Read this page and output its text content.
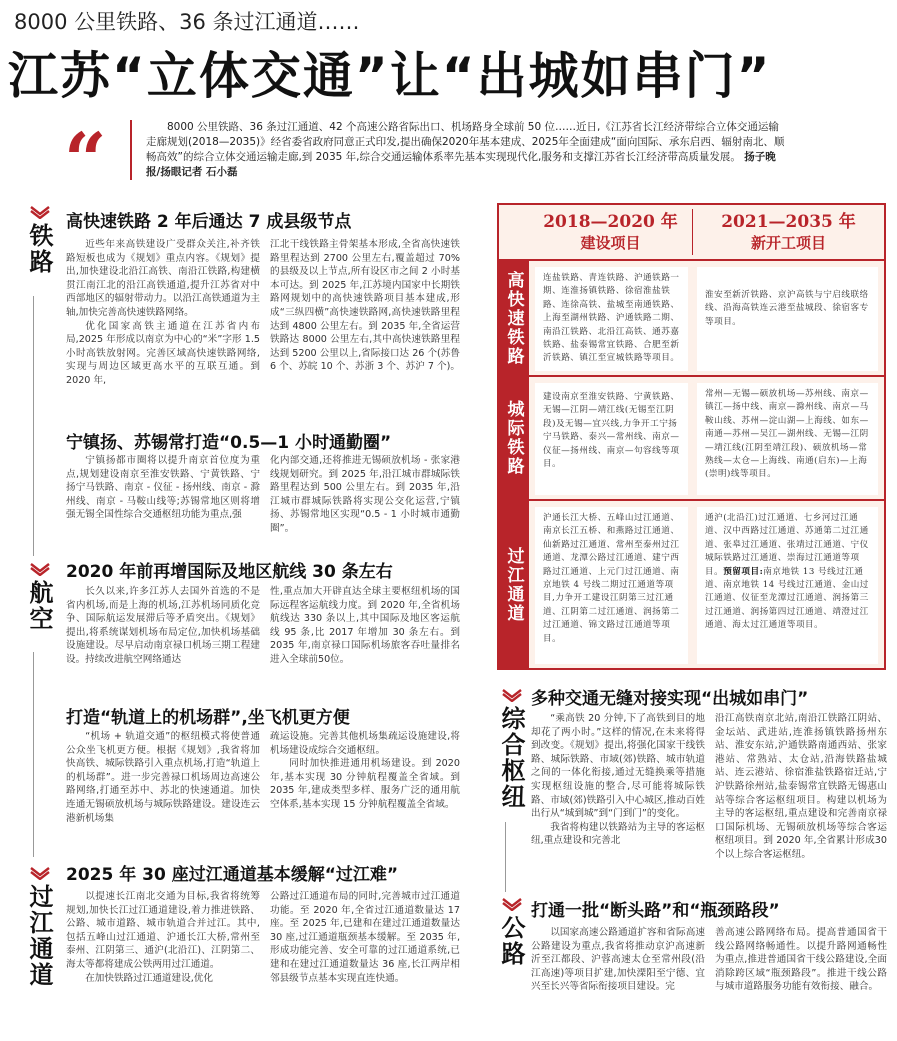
8000 公里铁路、36 条过江通道……
江苏“立体交通”让“出城如串门”
“	8000 公里铁路、36 条过江通道、42 个高速公路省际出口、机场路身全球前 50 位……近日,《江苏省长江经济带综合立体交通运输走廊规划(2018—2035)》经省委省政府同意正式印发,提出确保2020年基本建成、2025年全面建成“面向国际、承东启西、辐射南北、顺畅高效”的综合立体交通运输走廊,到 2035 年,综合交通运输体系率先基本实现现代化,服务和支撑江苏省长江经济带高质量发展。 扬子晚报/扬眼记者 石小磊
铁路
航空
过江通道
综合枢纽
公路
高快速铁路 2 年后通达 7 成县级节点

近些年来高铁建设广受群众关注,补齐铁路短板也成为《规划》重点内容。《规划》提出,加快建设北沿江高铁、南沿江铁路,构建横贯江南江北的沿江高铁通道,提升江苏省对中西部地区的辐射带动力。以沿江高铁通道为主轴,加快完善高快速铁路网络。

优化国家高铁主通道在江苏省内布局,2025 年形成以南京为中心的“米”字形 1.5 小时高铁放射网。完善区域高快速铁路网络,实现与周边区域更高水平的互联互通。到 2020 年,

江北干线铁路主骨架基本形成,全省高快速铁路里程达到 2700 公里左右,覆盖超过 70%的县级及以上节点,所有设区市之间 2 小时基本可达。到 2025 年,江苏境内国家中长期铁路网规划中的高快速铁路项目基本建成,形成“三纵四横”高快速铁路网,高快速铁路里程达到 4800 公里左右。到 2035 年,全省运营铁路达 8000 公里左右,其中高快速铁路里程达到 5200 公里以上,省际接口达 26 个(苏鲁 6 个、苏皖 10 个、苏浙 3 个、苏沪 7 个)。
宁镇扬、苏锡常打造“0.5—1 小时通勤圈”
宁镇扬都市圈将以提升南京首位度为重点,规划建设南京至淮安铁路、宁黄铁路、宁扬宁马铁路、南京 - 仪征 - 扬州线、南京 - 滁州线、南京 - 马鞍山线等;苏锡常地区则将增强无锡全国性综合交通枢纽功能为重点,强
化内部交通,还将推进无锡硕放机场 - 张家港线规划研究。到 2025 年,沿江城市群城际铁路里程达到 500 公里左右。到 2035 年,沿江城市群城际铁路将实现公交化运营,宁镇扬、苏锡常地区实现“0.5 - 1 小时城市通勤圈”。
2020 年前再增国际及地区航线 30 条左右
长久以来,许多江苏人去国外首选的不是省内机场,而是上海的机场,江苏机场同质化竞争、国际航运发展滞后等矛盾突出。《规划》提出,将系统谋划机场布局定位,加快机场基础设施建设。尽早启动南京禄口机场三期工程建设。持续改进航空网络通达
性,重点加大开辟直达全球主要枢纽机场的国际远程客运航线力度。到 2020 年,全省机场航线达 330 条以上,其中国际及地区客运航线 95 条,比 2017 年增加 30 条左右。到 2035 年,南京禄口国际机场旅客吞吐量排名进入全球前50位。
打造“轨道上的机场群”,坐飞机更方便
“机场 + 轨道交通”的枢纽模式将使普通公众坐飞机更方便。根据《规划》,我省将加快高铁、城际铁路引入重点机场,打造“轨道上的机场群”。进一步完善禄口机场周边高速公路网络,打通至苏中、苏北的快速通道。加快连通无锡硕放机场与城际铁路建设。建设连云港新机场集

疏运设施。完善其他机场集疏运设施建设,将机场建设成综合交通枢纽。

同时加快推进通用机场建设。到 2020 年,基本实现 30 分钟航程覆盖全省域。到 2035 年,建成类型多样、服务广泛的通用航空体系,基本实现 15 分钟航程覆盖全省域。

2025 年 30 座过江通道基本缓解“过江难”

以提速长江南北交通为目标,我省将统筹规划,加快长江过江通道建设,着力推进铁路、公路、城市道路、城市轨道合并过江。其中,包括五峰山过江通道、沪通长江大桥,常州至泰州、江阴第三、通沪(北沿江)、江阴第二、海太等都将建成公铁两用过江通道。

在加快铁路过江通道建设,优化

公路过江通道布局的同时,完善城市过江通道功能。至 2020 年,全省过江通道数量达 17 座。至 2025 年,已建和在建过江通道数量达 30 座,过江通道瓶颈基本缓解。至 2035 年,形成功能完善、安全可靠的过江通道系统,已建和在建过江通道数量达 36 座,长江两岸相邻县级节点基本实现直连快通。
2018—2020 年
建设项目
2021—2035 年
新开工项目
高快速铁路	连盐铁路、青连铁路、沪通铁路一期、连淮扬镇铁路、徐宿淮盐铁路、连徐高铁、盐城至南通铁路、上海至湖州铁路、沪通铁路二期、南沿江铁路、北沿江高铁、通苏嘉铁路、盐泰锡常宜铁路、合肥至新沂铁路、镇江至宣城铁路等项目。
淮安至新沂铁路、京沪高铁与宁启线联络线、沿海高铁连云港至盐城段、徐宿客专等项目。
城际铁路
建设南京至淮安铁路、宁黄铁路、无锡—江阴—靖江线(无锡至江阴段)及无锡—宜兴线,力争开工宁扬宁马铁路、泰兴—常州线、南京—仪征—扬州线、南京—句容线等项目。
常州—无锡—硕放机场—苏州线、南京—镇江—扬中线、南京—滁州线、南京—马鞍山线、苏州—淀山湖—上海线、如东—南通—苏州—吴江—湖州线、无锡—江阴—靖江线(江阴至靖江段)、硕放机场—常熟线—太仓—上海线、南通(启东)—上海(崇明)线等项目。
过江通道
沪通长江大桥、五峰山过江通道、南京长江五桥、和燕路过江通道、仙新路过江通道、常州至泰州过江通道、龙潭公路过江通道、建宁西路过江通道、上元门过江通道、南京地铁 4 号线二期过江通道等项目,力争开工建设江阴第三过江通道、江阴第二过江通道、润扬第二过江通道、锦文路过江通道等项目。
通沪(北沿江)过江通道、七乡河过江通道、汉中西路过江通道、苏通第二过江通道、张皋过江通道、张靖过江通道、宁仪城际铁路过江通道、崇海过江通道等项目。预留项目:南京地铁 13 号线过江通道、南京地铁 14 号线过江通道、金山过江通道、仪征至龙潭过江通道、润扬第三过江通道、润扬第四过江通道、靖澄过江通道、海太过江通道等项目。
多种交通无缝对接实现“出城如串门”

“乘高铁 20 分钟,下了高铁到目的地却花了两小时。”这样的情况,在未来将得到改变。《规划》提出,将强化国家干线铁路、城际铁路、市域(郊)铁路、城市轨道之间的一体化衔接,通过无缝换乘等措施实现枢纽设施的整合,尽可能将城际铁路、市域(郊)铁路引入中心城区,推动百姓出行从“城到城”到“门到门”的变化。

我省将构建以铁路站为主导的客运枢纽,重点建设和完善北

沿江高铁南京北站,南沿江铁路江阴站、金坛站、武进站,连淮扬镇铁路扬州东站、淮安东站,沪通铁路南通西站、张家港站、常熟站、太仓站,沿海铁路盐城站、连云港站、徐宿淮盐铁路宿迁站,宁沪铁路徐州站,盐泰锡常宜铁路无锡惠山站等综合客运枢纽项目。构建以机场为主导的客运枢纽,重点建设和完善南京禄口国际机场、无锡硕放机场等综合客运枢纽项目。到 2020 年,全省累计形成30个以上综合客运枢纽。
打通一批“断头路”和“瓶颈路段”
以国家高速公路通道扩容和省际高速公路建设为重点,我省将推动京沪高速新沂至江都段、沪蓉高速太仓至常州段(沿江高速)等项目扩建,加快溧阳至宁德、宜兴至长兴等省际衔接项目建设。完
善高速公路网络布局。提高普通国省干线公路网络畅通性。以提升路网通畅性为重点,推进普通国省干线公路建设,全面消除跨区域“瓶颈路段”。推进干线公路与城市道路服务功能有效衔接、融合。
